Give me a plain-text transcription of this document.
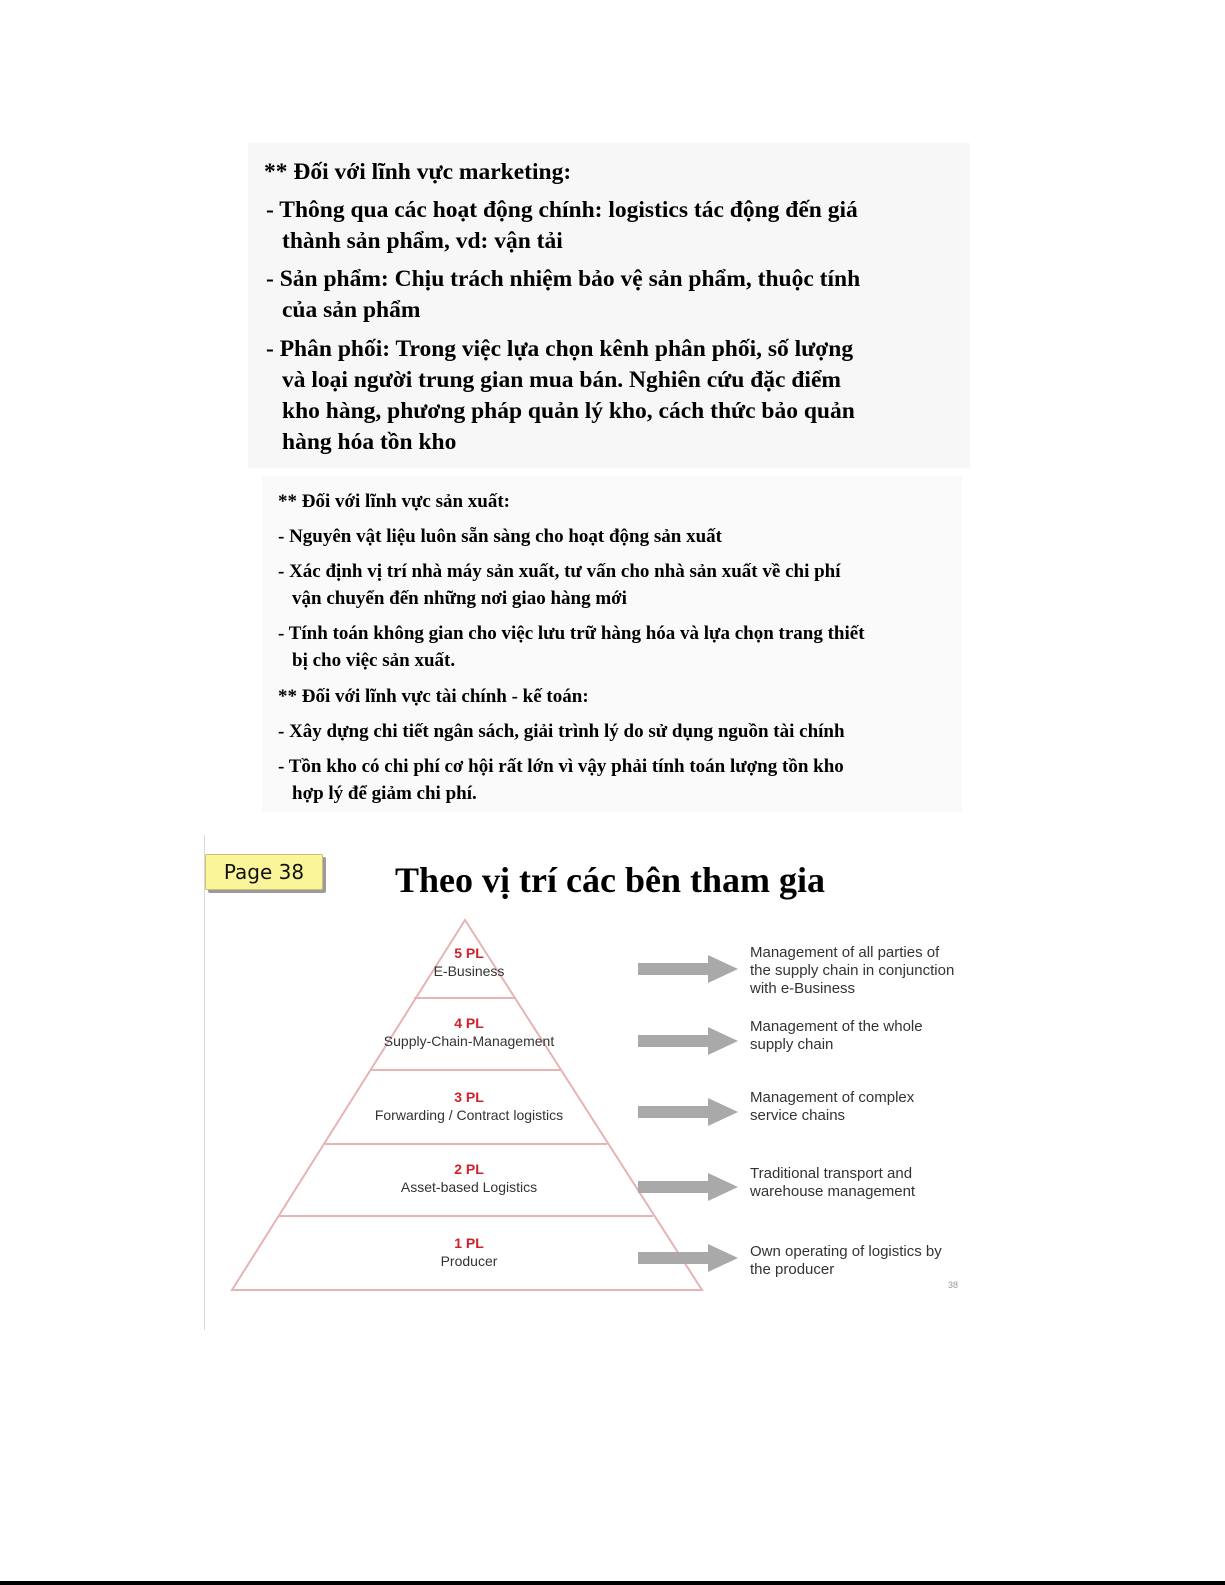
** Đối với lĩnh vực marketing:

- Thông qua các hoạt động chính: logistics tác động đến giá
thành sản phẩm, vd: vận tải

- Sản phẩm: Chịu trách nhiệm bảo vệ sản phẩm, thuộc tính
của sản phẩm

- Phân phối: Trong việc lựa chọn kênh phân phối, số lượng
và loại người trung gian mua bán. Nghiên cứu đặc điểm
kho hàng, phương pháp quản lý kho, cách thức bảo quản
hàng hóa tồn kho

** Đối với lĩnh vực sản xuất:

- Nguyên vật liệu luôn sẵn sàng cho hoạt động sản xuất

- Xác định vị trí nhà máy sản xuất, tư vấn cho nhà sản xuất về chi phí
vận chuyển đến những nơi giao hàng mới

- Tính toán không gian cho việc lưu trữ hàng hóa và lựa chọn trang thiết
bị cho việc sản xuất.

** Đối với lĩnh vực tài chính - kế toán:

- Xây dựng chi tiết ngân sách, giải trình lý do sử dụng nguồn tài chính

- Tồn kho có chi phí cơ hội rất lớn vì vậy phải tính toán lượng tồn kho
hợp lý để giảm chi phí.

Page 38	Theo vị trí các bên tham gia
5 PL
E-Business
4 PL
Supply-Chain-Management
3 PL
Forwarding / Contract logistics
2 PL
Asset-based Logistics
1 PL
Producer
Management of all parties of
the supply chain in conjunction
with e-Business
Management of the whole
supply chain
Management of complex
service chains
Traditional transport and
warehouse management
Own operating of logistics by
the producer
38
